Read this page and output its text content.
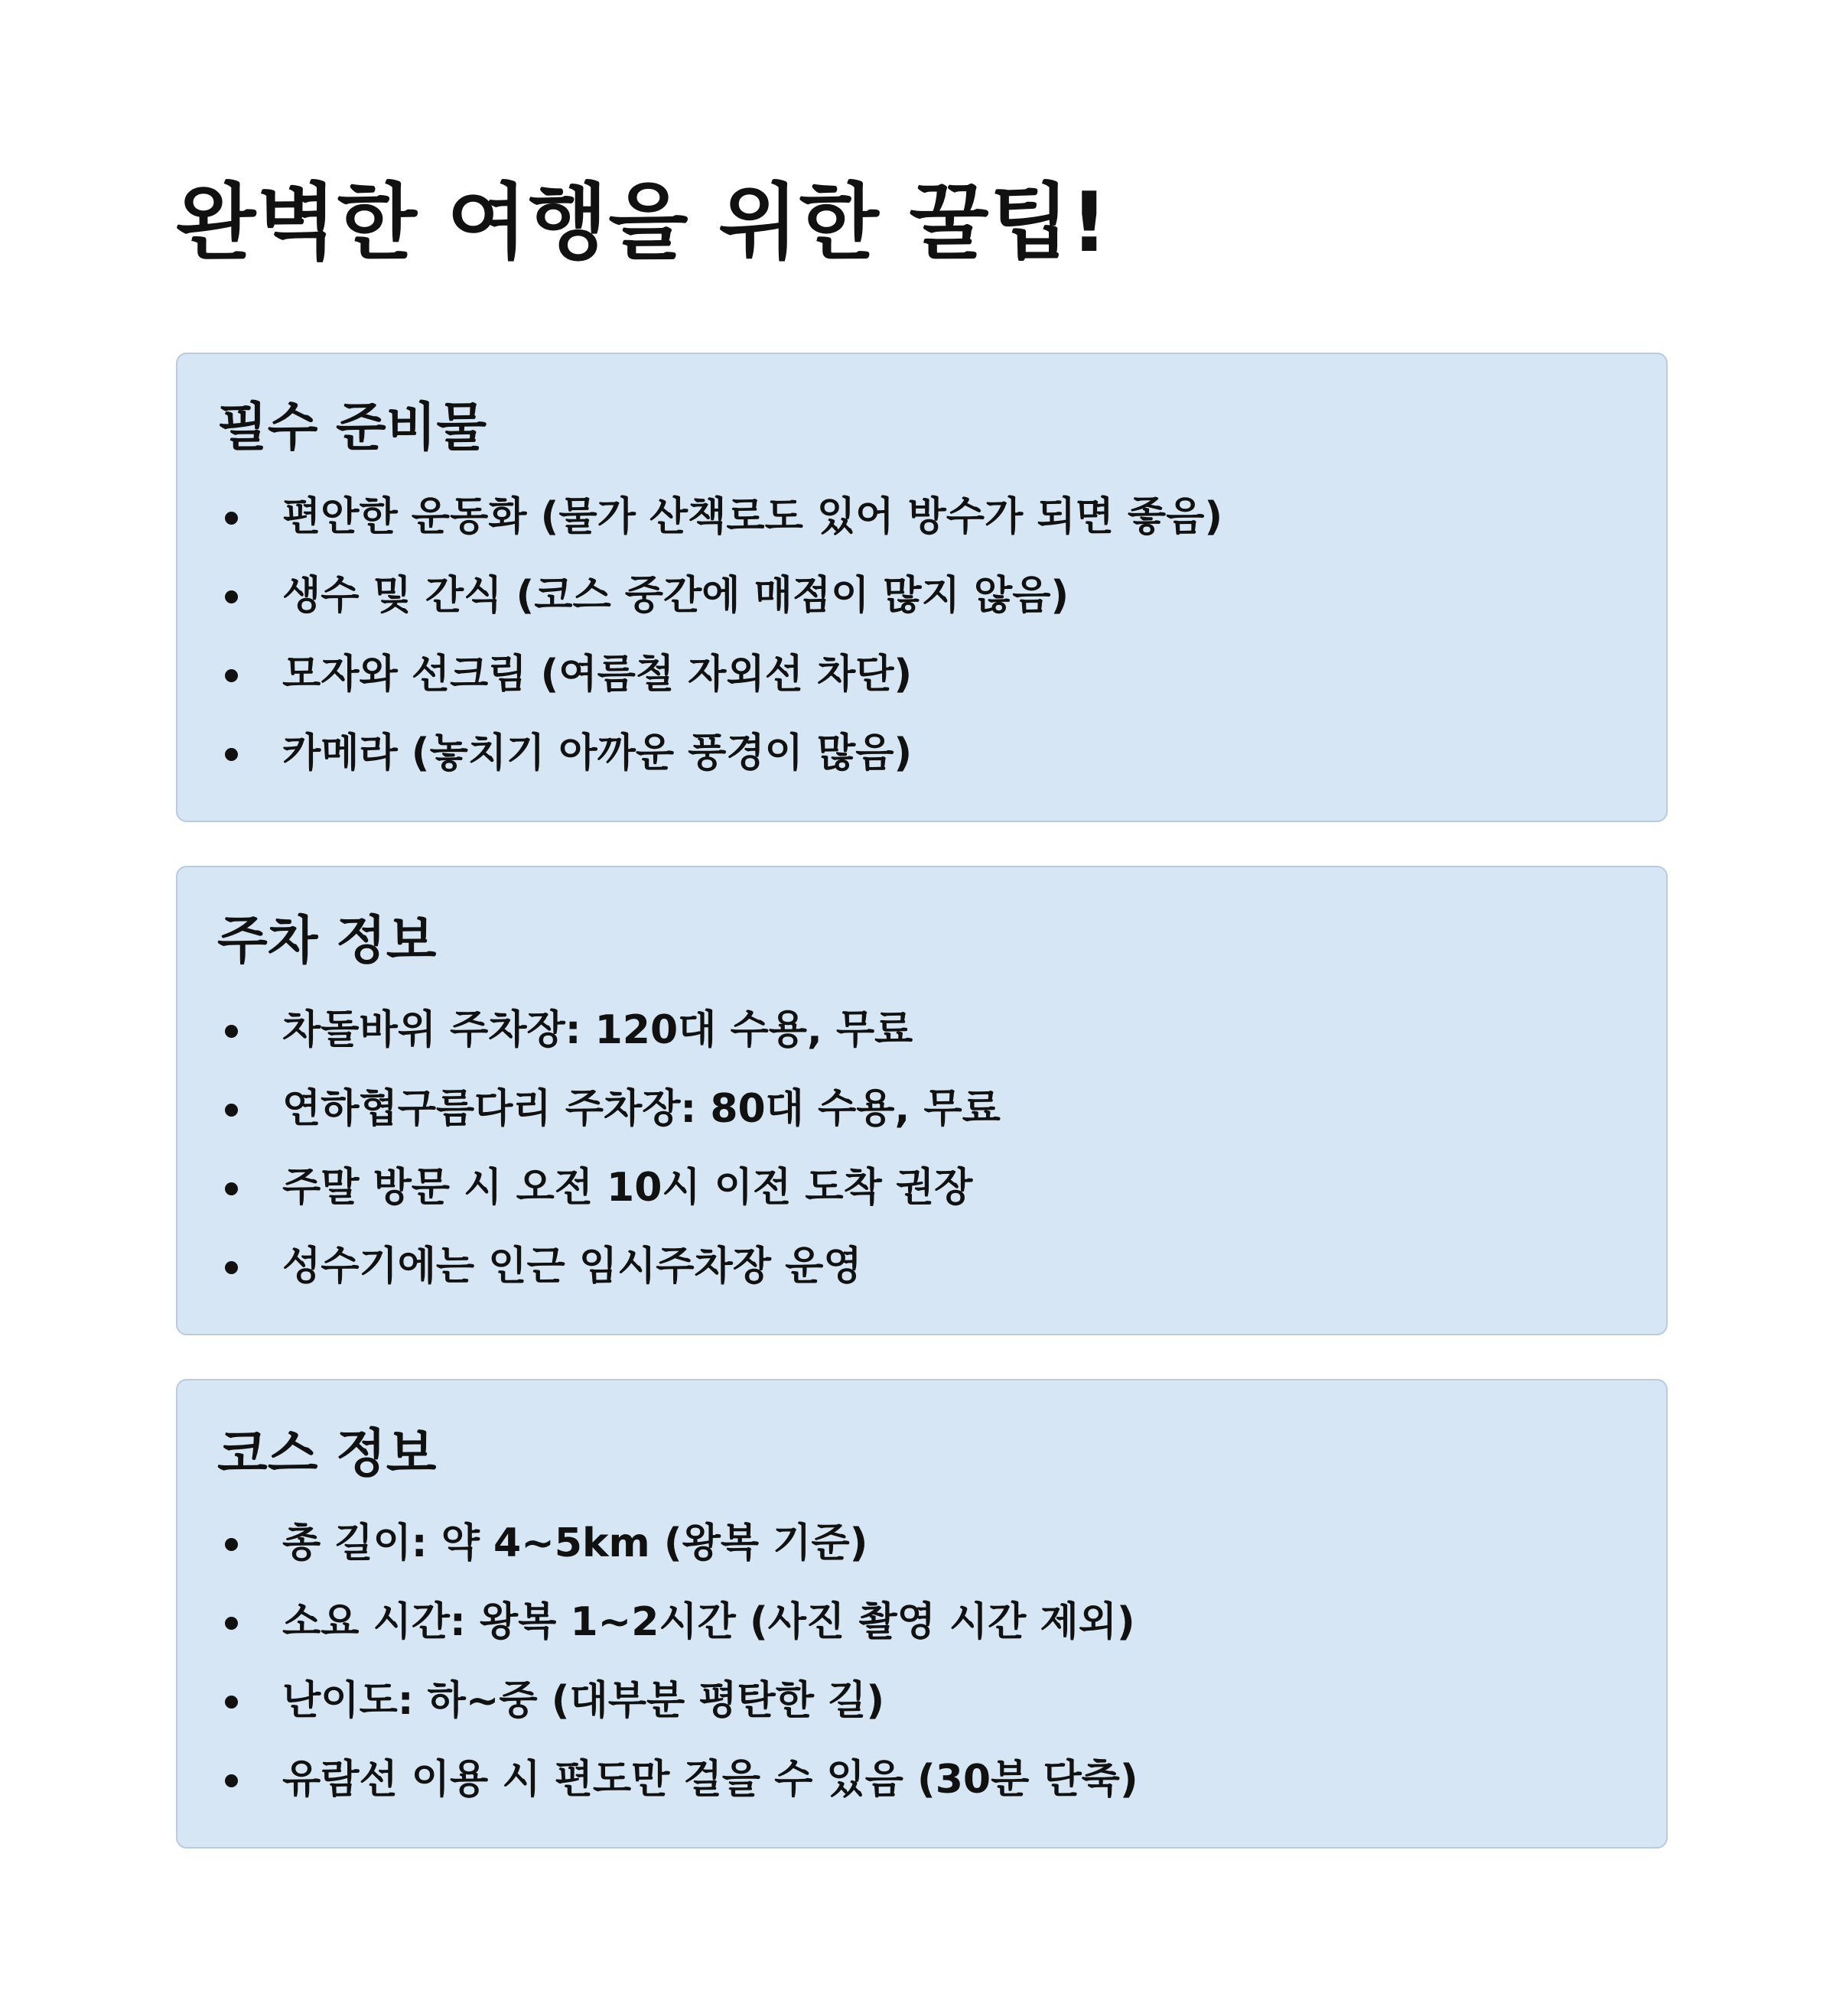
완벽한 여행을 위한 꿀팁!
필수 준비물
편안한 운동화 (물가 산책로도 있어 방수가 되면 좋음)
생수 및 간식 (코스 중간에 매점이 많지 않음)
모자와 선크림 (여름철 자외선 차단)
카메라 (놓치기 아까운 풍경이 많음)
주차 정보
차돌바위 주차장: 120대 수용, 무료
연하협구름다리 주차장: 80대 수용, 무료
주말 방문 시 오전 10시 이전 도착 권장
성수기에는 인근 임시주차장 운영
코스 정보
총 길이: 약 4~5km (왕복 기준)
소요 시간: 왕복 1~2시간 (사진 촬영 시간 제외)
난이도: 하~중 (대부분 평탄한 길)
유람선 이용 시 편도만 걸을 수 있음 (30분 단축)
